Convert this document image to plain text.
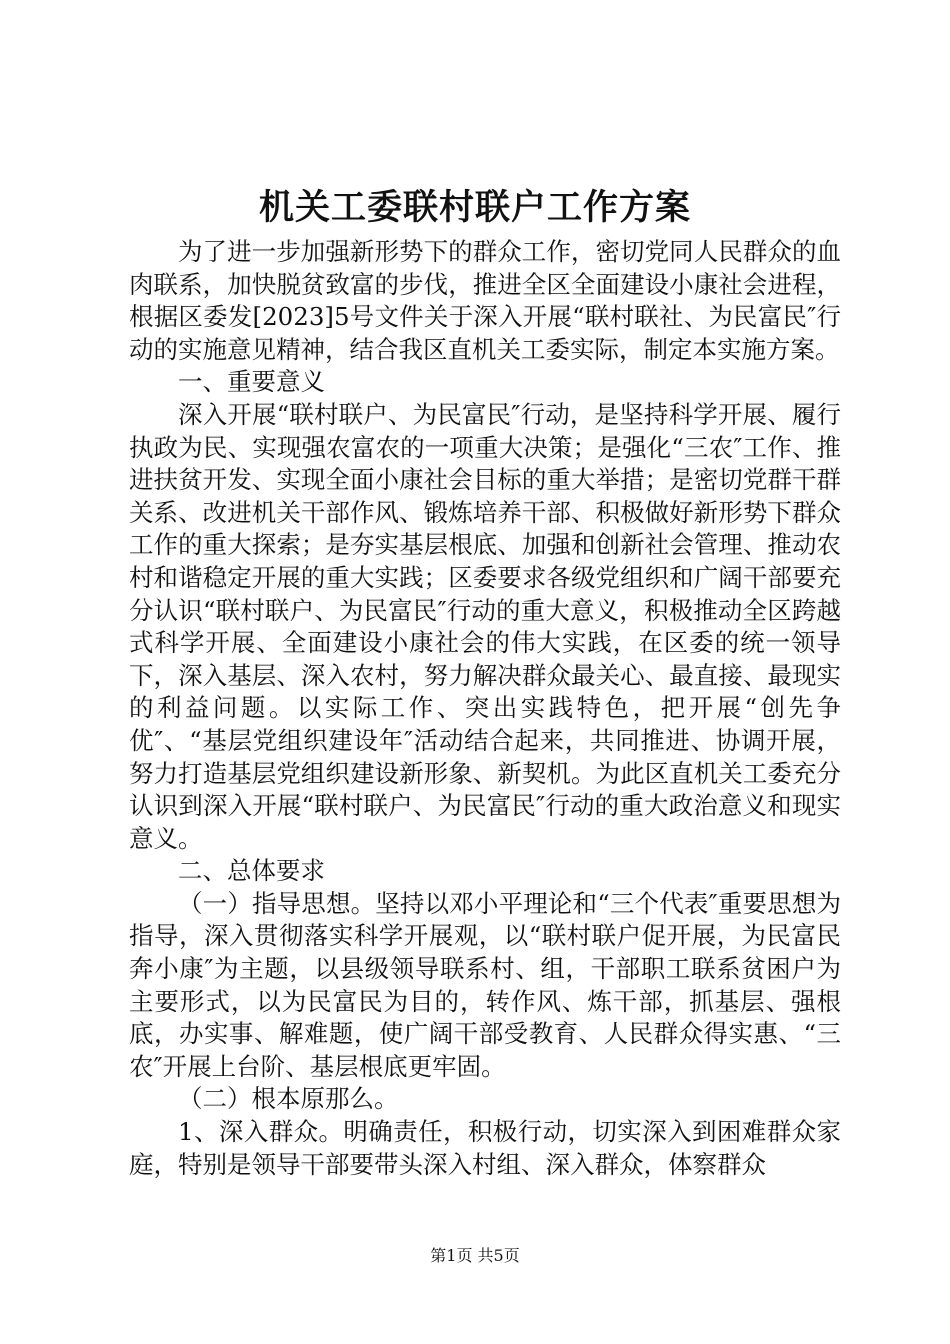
机关工委联村联户工作方案

为了进一步加强新形势下的群众工作，密切党同人民群众的血肉联系，加快脱贫致富的步伐，推进全区全面建设小康社会进程，根据区委发[2023]5号文件关于深入开展“联村联社、为民富民″行动的实施意见精神，结合我区直机关工委实际，制定本实施方案。

一、重要意义

深入开展“联村联户、为民富民″行动，是坚持科学开展、履行执政为民、实现强农富农的一项重大决策；是强化“三农″工作、推进扶贫开发、实现全面小康社会目标的重大举措；是密切党群干群关系、改进机关干部作风、锻炼培养干部、积极做好新形势下群众工作的重大探索；是夯实基层根底、加强和创新社会管理、推动农村和谐稳定开展的重大实践；区委要求各级党组织和广阔干部要充分认识“联村联户、为民富民″行动的重大意义，积极推动全区跨越式科学开展、全面建设小康社会的伟大实践，在区委的统一领导下，深入基层、深入农村，努力解决群众最关心、最直接、最现实的利益问题。以实际工作、突出实践特色，把开展“创先争优″、“基层党组织建设年″活动结合起来，共同推进、协调开展，努力打造基层党组织建设新形象、新契机。为此区直机关工委充分认识到深入开展“联村联户、为民富民″行动的重大政治意义和现实意义。

二、总体要求

（一）指导思想。坚持以邓小平理论和“三个代表″重要思想为指导，深入贯彻落实科学开展观，以“联村联户促开展，为民富民奔小康″为主题，以县级领导联系村、组，干部职工联系贫困户为主要形式，以为民富民为目的，转作风、炼干部，抓基层、强根底，办实事、解难题，使广阔干部受教育、人民群众得实惠、“三农″开展上台阶、基层根底更牢固。

（二）根本原那么。

1、深入群众。明确责任，积极行动，切实深入到困难群众家庭，特别是领导干部要带头深入村组、深入群众，体察群众

第1页 共5页
